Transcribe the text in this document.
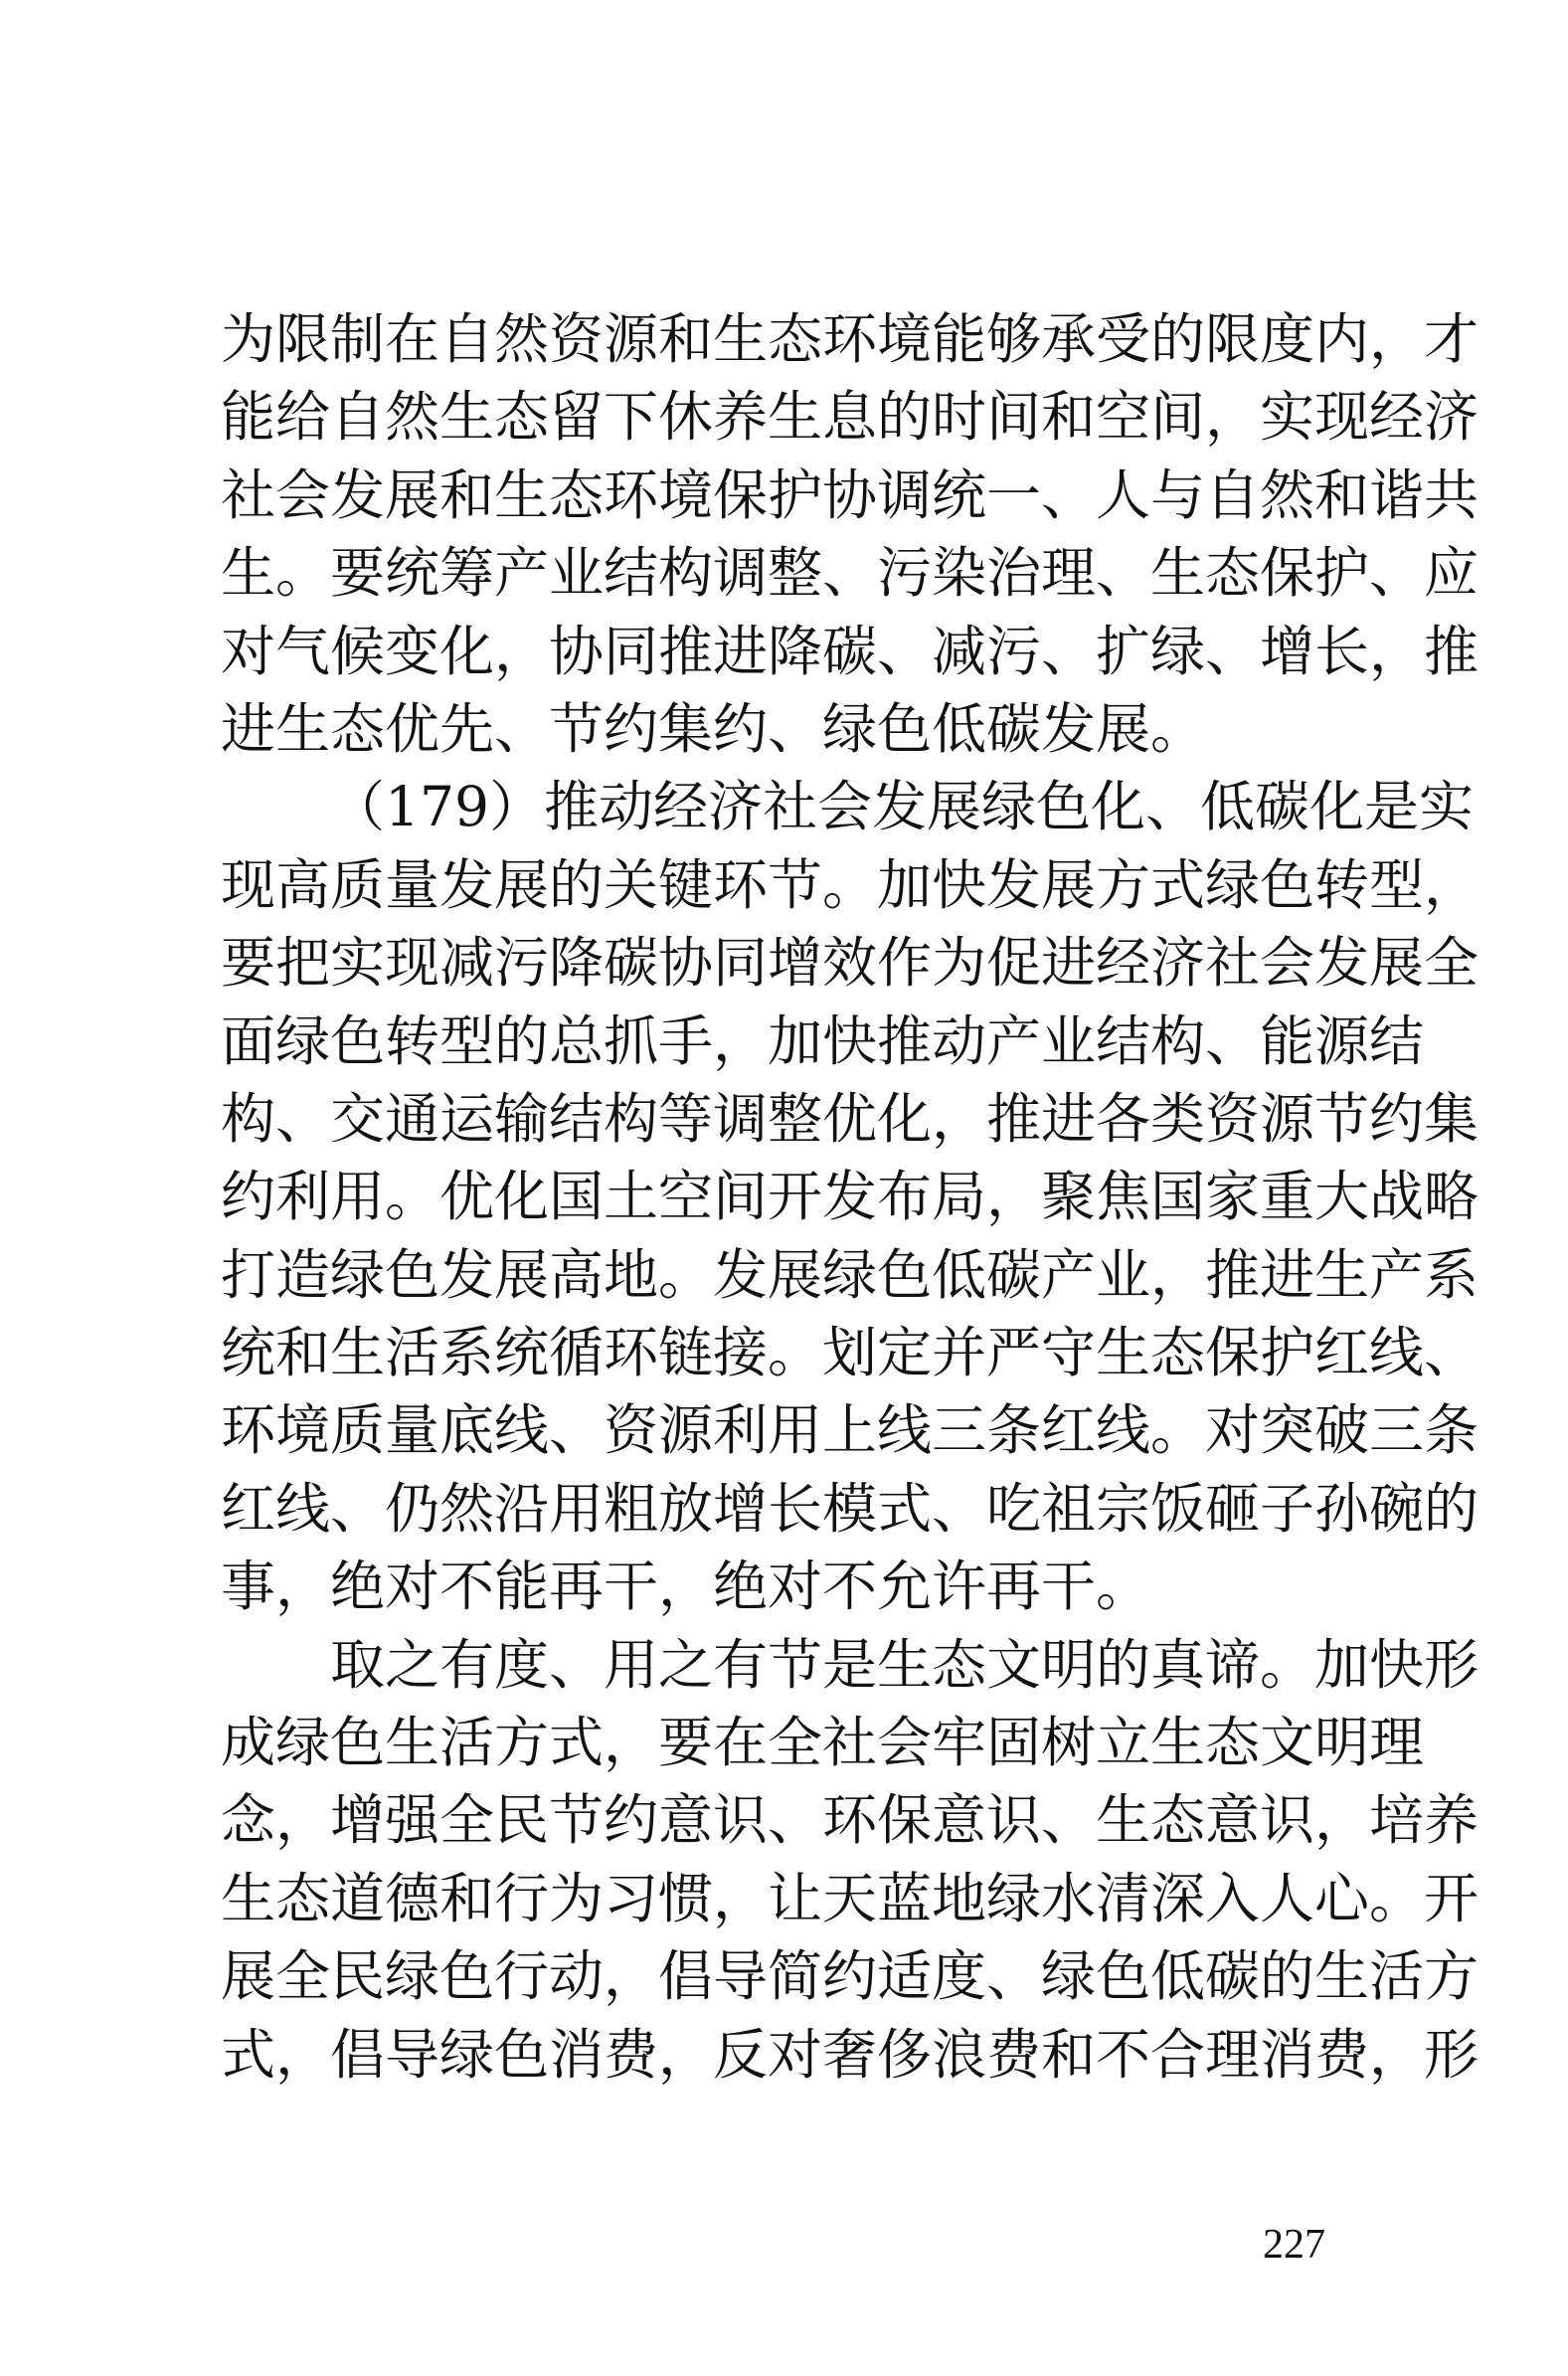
为限制在自然资源和生态环境能够承受的限度内，才
能给自然生态留下休养生息的时间和空间，实现经济
社会发展和生态环境保护协调统一、人与自然和谐共
生。要统筹产业结构调整、污染治理、生态保护、应
对气候变化，协同推进降碳、减污、扩绿、增长，推
进生态优先、节约集约、绿色低碳发展。
（179）推动经济社会发展绿色化、低碳化是实
现高质量发展的关键环节。加快发展方式绿色转型，
要把实现减污降碳协同增效作为促进经济社会发展全
面绿色转型的总抓手，加快推动产业结构、能源结
构、交通运输结构等调整优化，推进各类资源节约集
约利用。优化国土空间开发布局，聚焦国家重大战略
打造绿色发展高地。发展绿色低碳产业，推进生产系
统和生活系统循环链接。划定并严守生态保护红线、
环境质量底线、资源利用上线三条红线。对突破三条
红线、仍然沿用粗放增长模式、吃祖宗饭砸子孙碗的
事，绝对不能再干，绝对不允许再干。
取之有度、用之有节是生态文明的真谛。加快形
成绿色生活方式，要在全社会牢固树立生态文明理
念，增强全民节约意识、环保意识、生态意识，培养
生态道德和行为习惯，让天蓝地绿水清深入人心。开
展全民绿色行动，倡导简约适度、绿色低碳的生活方
式，倡导绿色消费，反对奢侈浪费和不合理消费，形
227
